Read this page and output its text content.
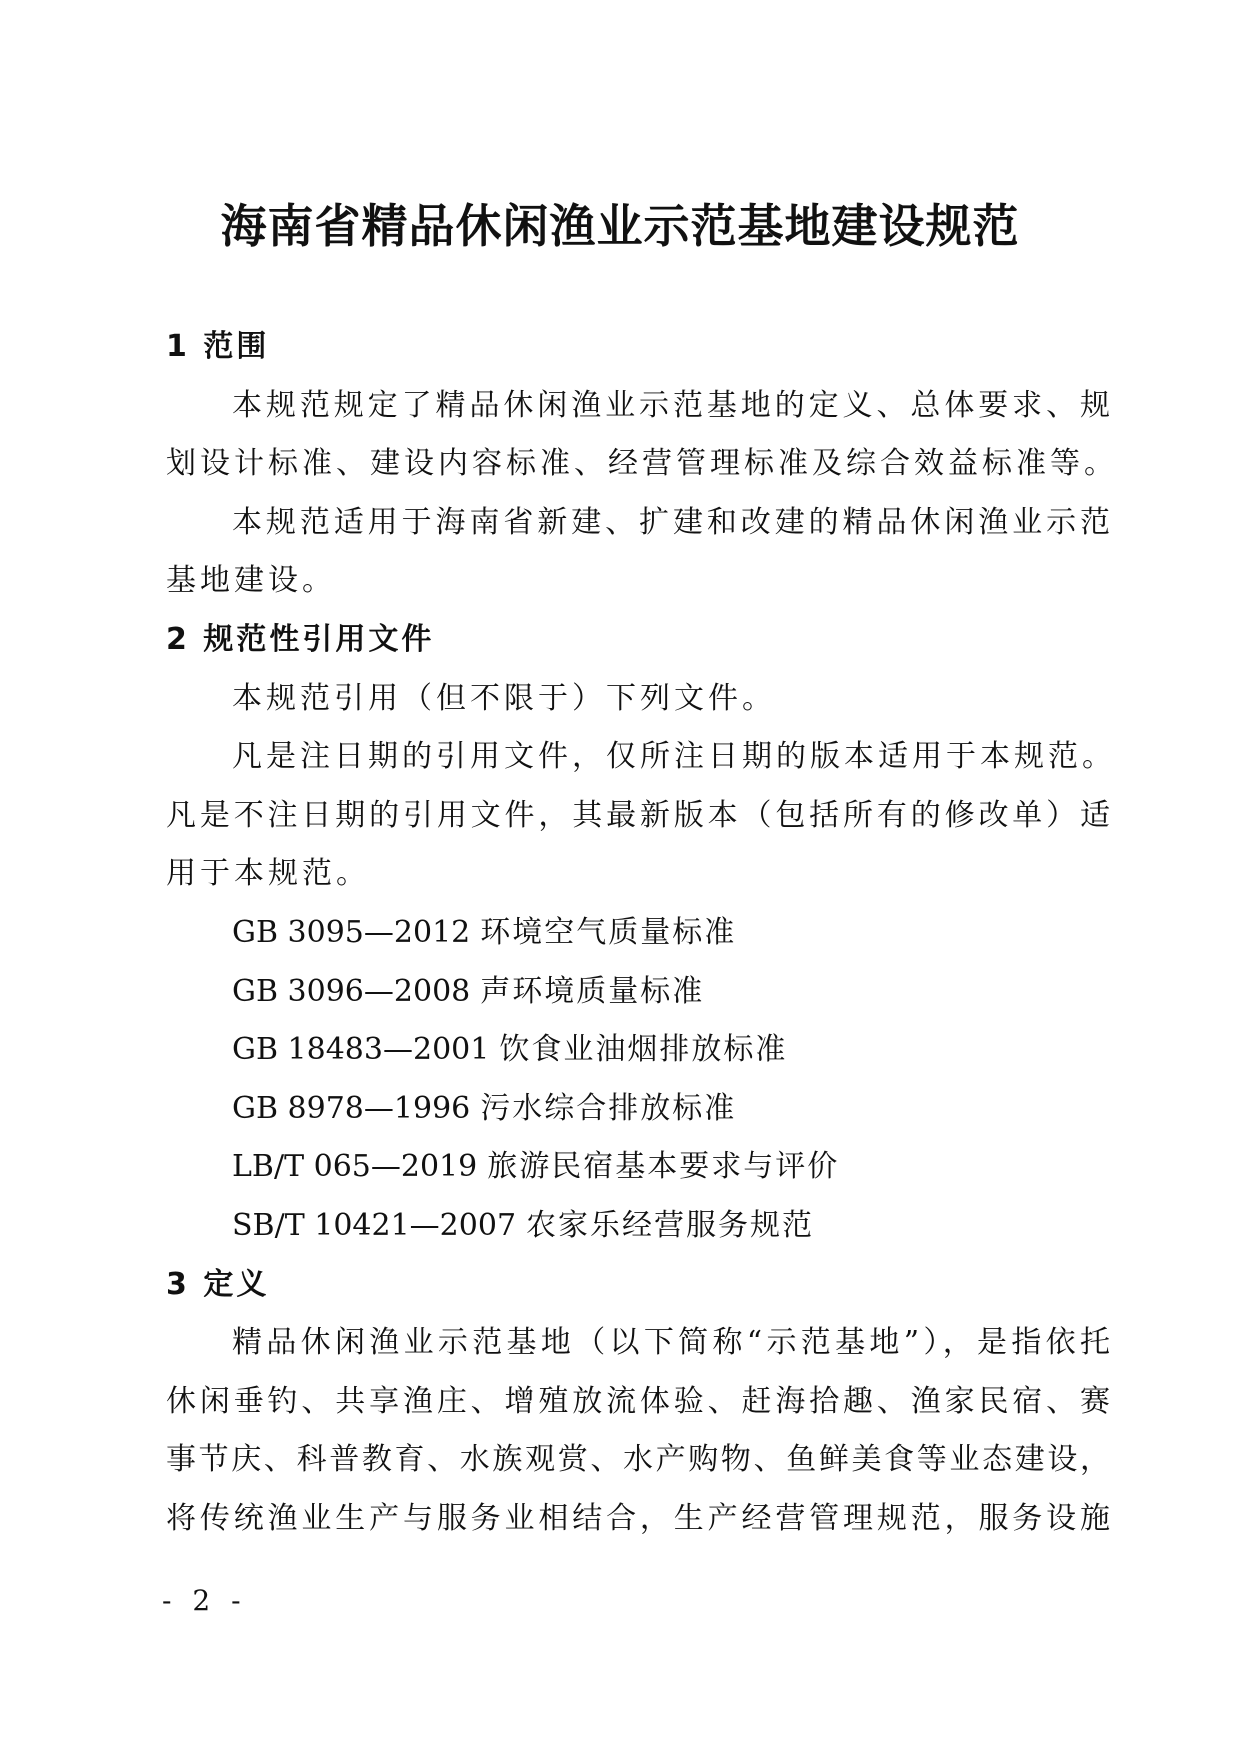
海南省精品休闲渔业示范基地建设规范
1 范围
本规范规定了精品休闲渔业示范基地的定义、总体要求、规
划设计标准、建设内容标准、经营管理标准及综合效益标准等。
本规范适用于海南省新建、扩建和改建的精品休闲渔业示范
基地建设。
2 规范性引用文件
本规范引用（但不限于）下列文件。
凡是注日期的引用文件，仅所注日期的版本适用于本规范。
凡是不注日期的引用文件，其最新版本（包括所有的修改单）适
用于本规范。
GB 3095—2012 环境空气质量标准
GB 3096—2008 声环境质量标准
GB 18483—2001 饮食业油烟排放标准
GB 8978—1996 污水综合排放标准
LB/T 065—2019 旅游民宿基本要求与评价
SB/T 10421—2007 农家乐经营服务规范
3 定义
精品休闲渔业示范基地（以下简称“示范基地”），是指依托
休闲垂钓、共享渔庄、增殖放流体验、赶海拾趣、渔家民宿、赛
事节庆、科普教育、水族观赏、水产购物、鱼鲜美食等业态建设，
将传统渔业生产与服务业相结合，生产经营管理规范，服务设施
- 2 -
